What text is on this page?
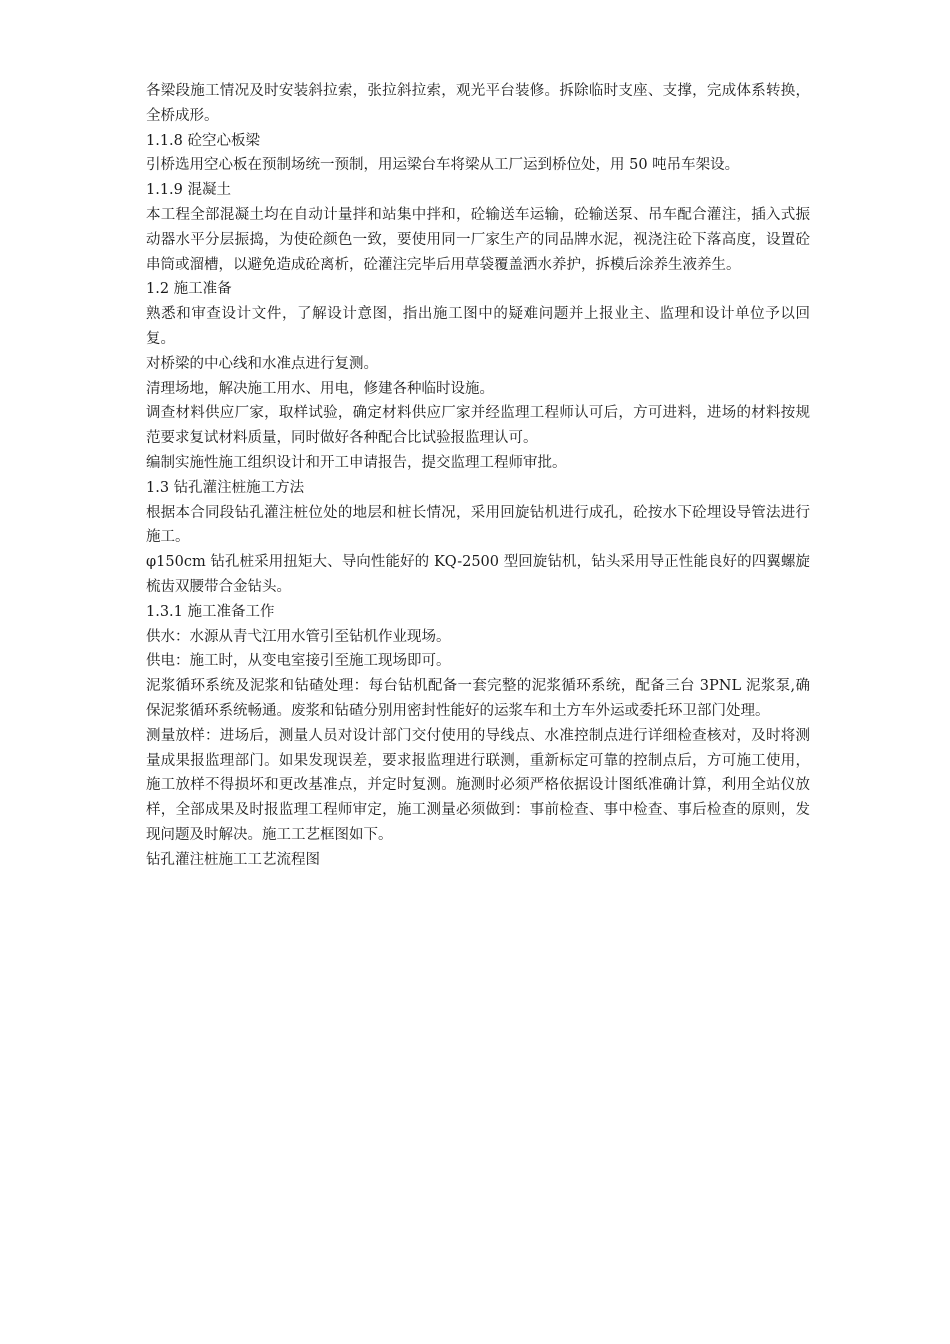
各梁段施工情况及时安装斜拉索，张拉斜拉索，观光平台装修。拆除临时支座、支撑，完成体系转换，全桥成形。

1.1.8 砼空心板梁

引桥选用空心板在预制场统一预制，用运梁台车将梁从工厂运到桥位处，用 50 吨吊车架设。

1.1.9 混凝土

本工程全部混凝土均在自动计量拌和站集中拌和，砼输送车运输，砼输送泵、吊车配合灌注，插入式振动器水平分层振捣，为使砼颜色一致，要使用同一厂家生产的同品牌水泥，视浇注砼下落高度，设置砼串筒或溜槽，以避免造成砼离析，砼灌注完毕后用草袋覆盖洒水养护，拆模后涂养生液养生。

1.2 施工准备

熟悉和审查设计文件，了解设计意图，指出施工图中的疑难问题并上报业主、监理和设计单位予以回复。

对桥梁的中心线和水准点进行复测。

清理场地，解决施工用水、用电，修建各种临时设施。

调查材料供应厂家，取样试验，确定材料供应厂家并经监理工程师认可后，方可进料，进场的材料按规范要求复试材料质量，同时做好各种配合比试验报监理认可。

编制实施性施工组织设计和开工申请报告，提交监理工程师审批。

1.3 钻孔灌注桩施工方法

根据本合同段钻孔灌注桩位处的地层和桩长情况，采用回旋钻机进行成孔，砼按水下砼埋设导管法进行施工。

φ150cm 钻孔桩采用扭矩大、导向性能好的 KQ-2500 型回旋钻机，钻头采用导正性能良好的四翼螺旋梳齿双腰带合金钻头。

1.3.1 施工准备工作

供水：水源从青弋江用水管引至钻机作业现场。

供电：施工时，从变电室接引至施工现场即可。

泥浆循环系统及泥浆和钻碴处理：每台钻机配备一套完整的泥浆循环系统，配备三台 3PNL 泥浆泵,确保泥浆循环系统畅通。废浆和钻碴分别用密封性能好的运浆车和土方车外运或委托环卫部门处理。

测量放样：进场后，测量人员对设计部门交付使用的导线点、水准控制点进行详细检查核对，及时将测量成果报监理部门。如果发现误差，要求报监理进行联测，重新标定可靠的控制点后，方可施工使用，施工放样不得损坏和更改基准点，并定时复测。施测时必须严格依据设计图纸准确计算，利用全站仪放样，全部成果及时报监理工程师审定，施工测量必须做到：事前检查、事中检查、事后检查的原则，发现问题及时解决。施工工艺框图如下。

钻孔灌注桩施工工艺流程图
